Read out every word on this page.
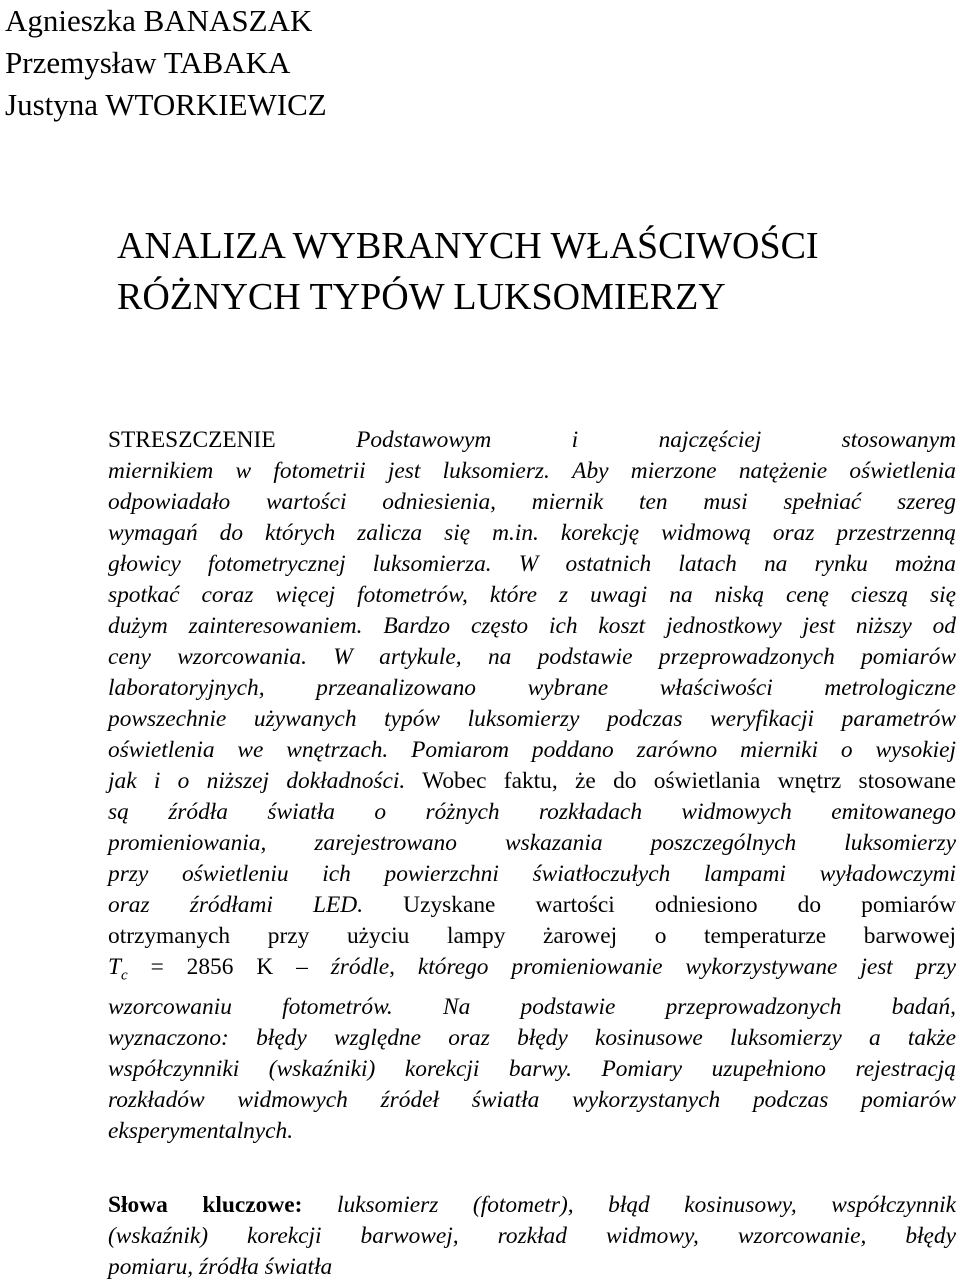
Agnieszka BANASZAK
Przemysław TABAKA
Justyna WTORKIEWICZ
ANALIZA WYBRANYCH WŁAŚCIWOŚCI
RÓŻNYCH TYPÓW LUKSOMIERZY
STRESZCZENIE	Podstawowym i najczęściej stosowanym
miernikiem w fotometrii jest luksomierz. Aby mierzone natężenie oświetlenia
odpowiadało wartości odniesienia, miernik ten musi spełniać szereg
wymagań do których zalicza się m.in. korekcję widmową oraz przestrzenną
głowicy fotometrycznej luksomierza. W ostatnich latach na rynku można
spotkać coraz więcej fotometrów, które z uwagi na niską cenę cieszą się
dużym zainteresowaniem. Bardzo często ich koszt jednostkowy jest niższy od
ceny wzorcowania. W artykule, na podstawie przeprowadzonych pomiarów
laboratoryjnych, przeanalizowano wybrane właściwości metrologiczne
powszechnie używanych typów luksomierzy podczas weryfikacji parametrów
oświetlenia we wnętrzach. Pomiarom poddano zarówno mierniki o wysokiej
jak i o niższej dokładności. Wobec faktu, że do oświetlania wnętrz stosowane
są źródła światła o różnych rozkładach widmowych emitowanego
promieniowania, zarejestrowano wskazania poszczególnych luksomierzy
przy oświetleniu ich powierzchni światłoczułych lampami wyładowczymi
oraz źródłami LED. Uzyskane wartości odniesiono do pomiarów
otrzymanych przy użyciu lampy żarowej o temperaturze barwowej
$T_c = 2856$ K – źródle, którego promieniowanie wykorzystywane jest przy
wzorcowaniu fotometrów. Na podstawie przeprowadzonych badań,
wyznaczono: błędy względne oraz błędy kosinusowe luksomierzy a także
współczynniki (wskaźniki) korekcji barwy. Pomiary uzupełniono rejestracją
rozkładów widmowych źródeł światła wykorzystanych podczas pomiarów
eksperymentalnych.
Słowa kluczowe: luksomierz (fotometr), błąd kosinusowy, współczynnik
(wskaźnik) korekcji barwowej, rozkład widmowy, wzorcowanie, błędy
pomiaru, źródła światła
